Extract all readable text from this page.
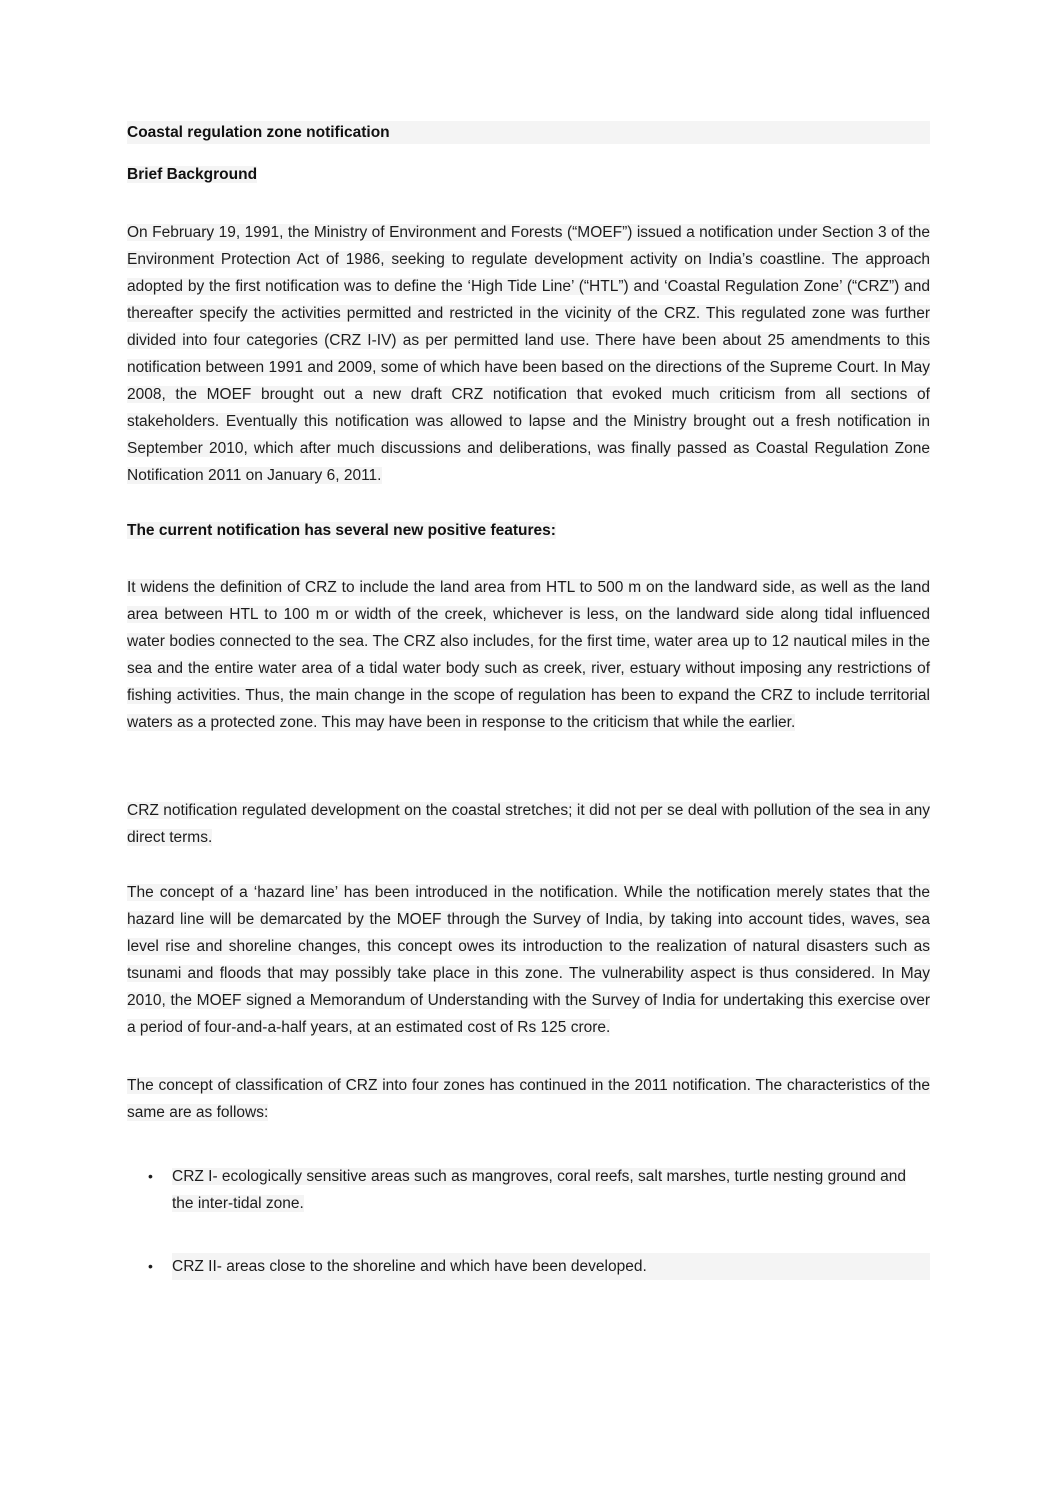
Coastal regulation zone notification
Brief Background

On February 19, 1991, the Ministry of Environment and Forests (“MOEF”) issued a notification under Section 3 of the Environment Protection Act of 1986, seeking to regulate development activity on India’s coastline. The approach adopted by the first notification was to define the ‘High Tide Line’ (“HTL”) and ‘Coastal Regulation Zone’ (“CRZ”) and thereafter specify the activities permitted and restricted in the vicinity of the CRZ. This regulated zone was further divided into four categories (CRZ I-IV) as per permitted land use. There have been about 25 amendments to this notification between 1991 and 2009, some of which have been based on the directions of the Supreme Court. In May 2008, the MOEF brought out a new draft CRZ notification that evoked much criticism from all sections of stakeholders. Eventually this notification was allowed to lapse and the Ministry brought out a fresh notification in September 2010, which after much discussions and deliberations, was finally passed as Coastal Regulation Zone Notification 2011 on January 6, 2011.

The current notification has several new positive features:

It widens the definition of CRZ to include the land area from HTL to 500 m on the landward side, as well as the land area between HTL to 100 m or width of the creek, whichever is less, on the landward side along tidal influenced water bodies connected to the sea. The CRZ also includes, for the first time, water area up to 12 nautical miles in the sea and the entire water area of a tidal water body such as creek, river, estuary without imposing any restrictions of fishing activities. Thus, the main change in the scope of regulation has been to expand the CRZ to include territorial waters as a protected zone. This may have been in response to the criticism that while the earlier.

CRZ notification regulated development on the coastal stretches; it did not per se deal with pollution of the sea in any direct terms.

The concept of a ‘hazard line’ has been introduced in the notification. While the notification merely states that the hazard line will be demarcated by the MOEF through the Survey of India, by taking into account tides, waves, sea level rise and shoreline changes, this concept owes its introduction to the realization of natural disasters such as tsunami and floods that may possibly take place in this zone. The vulnerability aspect is thus considered. In May 2010, the MOEF signed a Memorandum of Understanding with the Survey of India for undertaking this exercise over a period of four-and-a-half years, at an estimated cost of Rs 125 crore.

The concept of classification of CRZ into four zones has continued in the 2011 notification. The characteristics of the same are as follows:

• CRZ I- ecologically sensitive areas such as mangroves, coral reefs, salt marshes, turtle nesting ground and the inter-tidal zone.
• CRZ II- areas close to the shoreline and which have been developed.
